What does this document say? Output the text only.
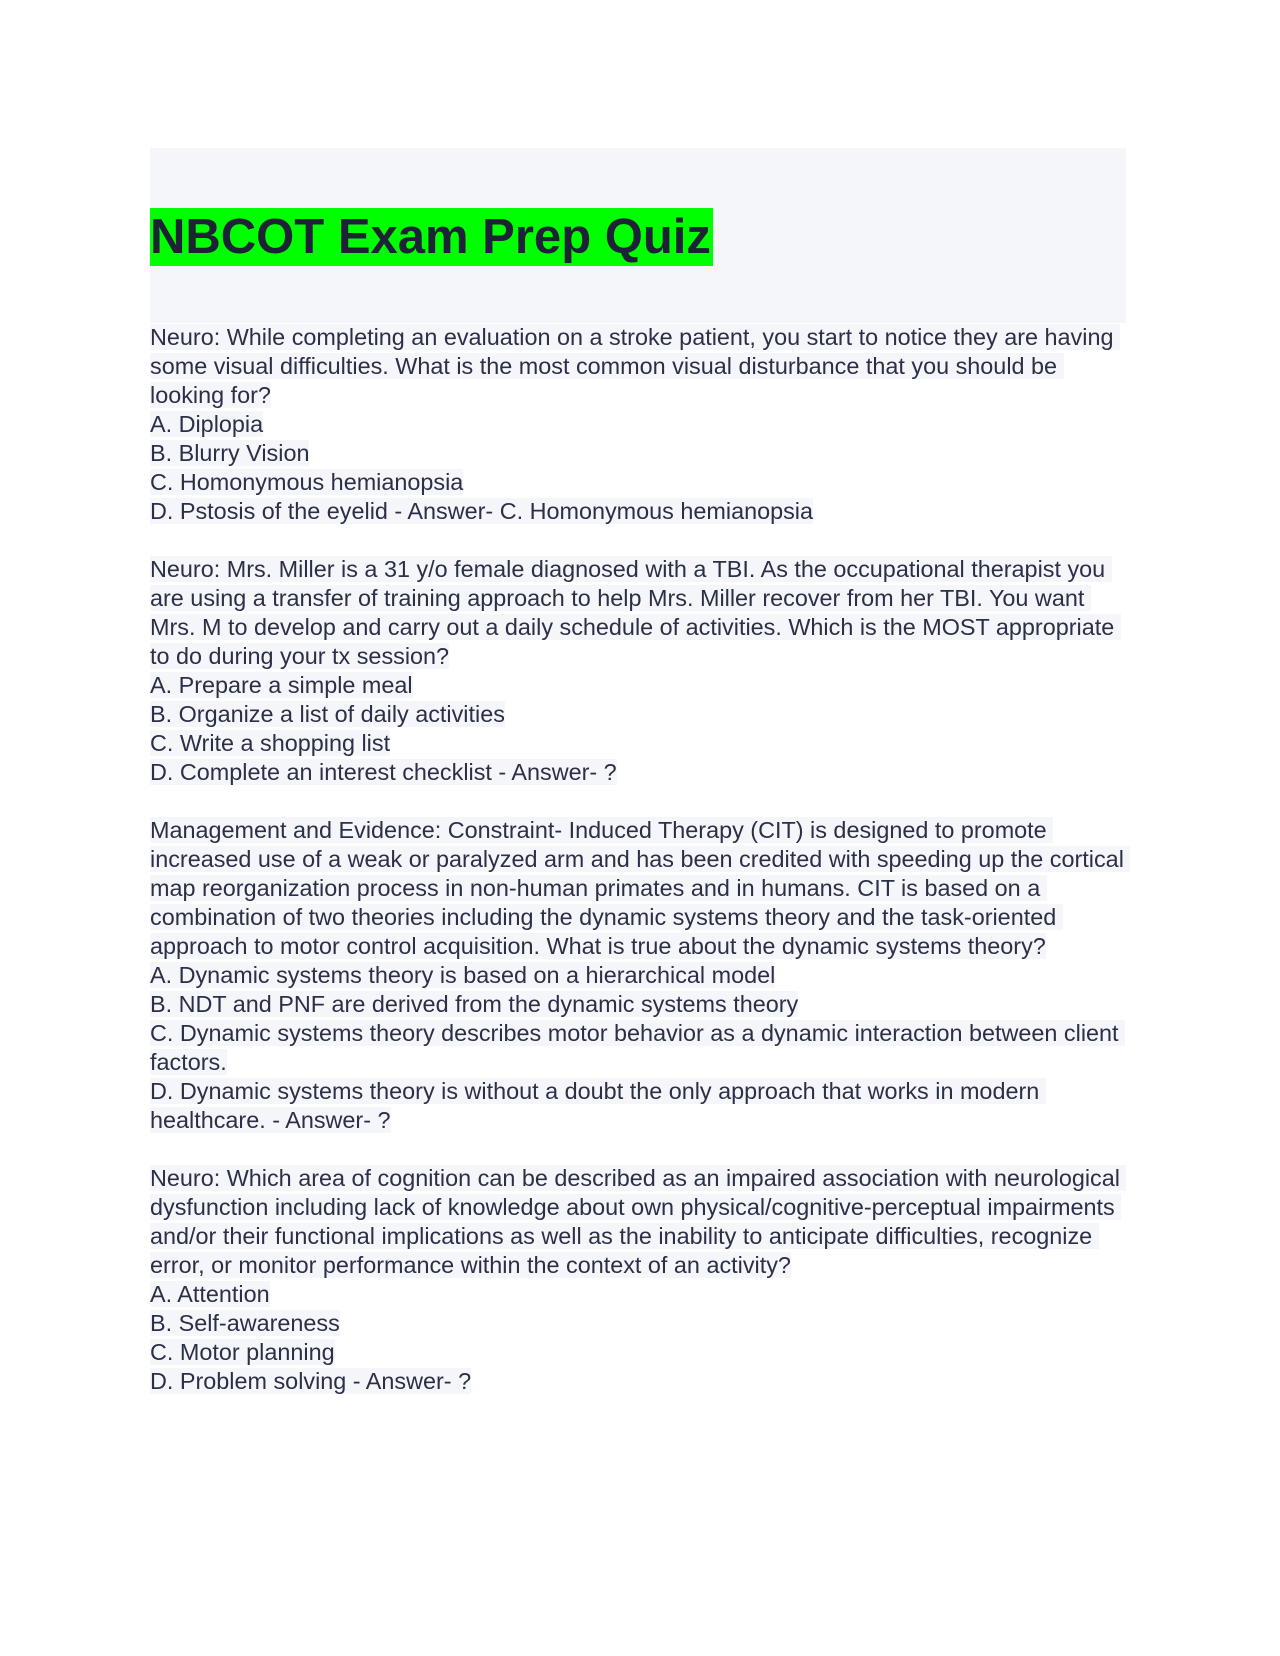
NBCOT Exam Prep Quiz
Neuro: While completing an evaluation on a stroke patient, you start to notice they are having some visual difficulties. What is the most common visual disturbance that you should be looking for?
A. Diplopia
B. Blurry Vision
C. Homonymous hemianopsia
D. Pstosis of the eyelid - Answer- C. Homonymous hemianopsia
Neuro: Mrs. Miller is a 31 y/o female diagnosed with a TBI. As the occupational therapist you are using a transfer of training approach to help Mrs. Miller recover from her TBI. You want Mrs. M to develop and carry out a daily schedule of activities. Which is the MOST appropriate to do during your tx session?
A. Prepare a simple meal
B. Organize a list of daily activities
C. Write a shopping list
D. Complete an interest checklist - Answer- ?
Management and Evidence: Constraint- Induced Therapy (CIT) is designed to promote increased use of a weak or paralyzed arm and has been credited with speeding up the cortical map reorganization process in non-human primates and in humans. CIT is based on a combination of two theories including the dynamic systems theory and the task-oriented approach to motor control acquisition. What is true about the dynamic systems theory?
A. Dynamic systems theory is based on a hierarchical model
B. NDT and PNF are derived from the dynamic systems theory
C. Dynamic systems theory describes motor behavior as a dynamic interaction between client factors.
D. Dynamic systems theory is without a doubt the only approach that works in modern healthcare. - Answer- ?
Neuro: Which area of cognition can be described as an impaired association with neurological dysfunction including lack of knowledge about own physical/cognitive-perceptual impairments and/or their functional implications as well as the inability to anticipate difficulties, recognize error, or monitor performance within the context of an activity?
A. Attention
B. Self-awareness
C. Motor planning
D. Problem solving - Answer- ?
